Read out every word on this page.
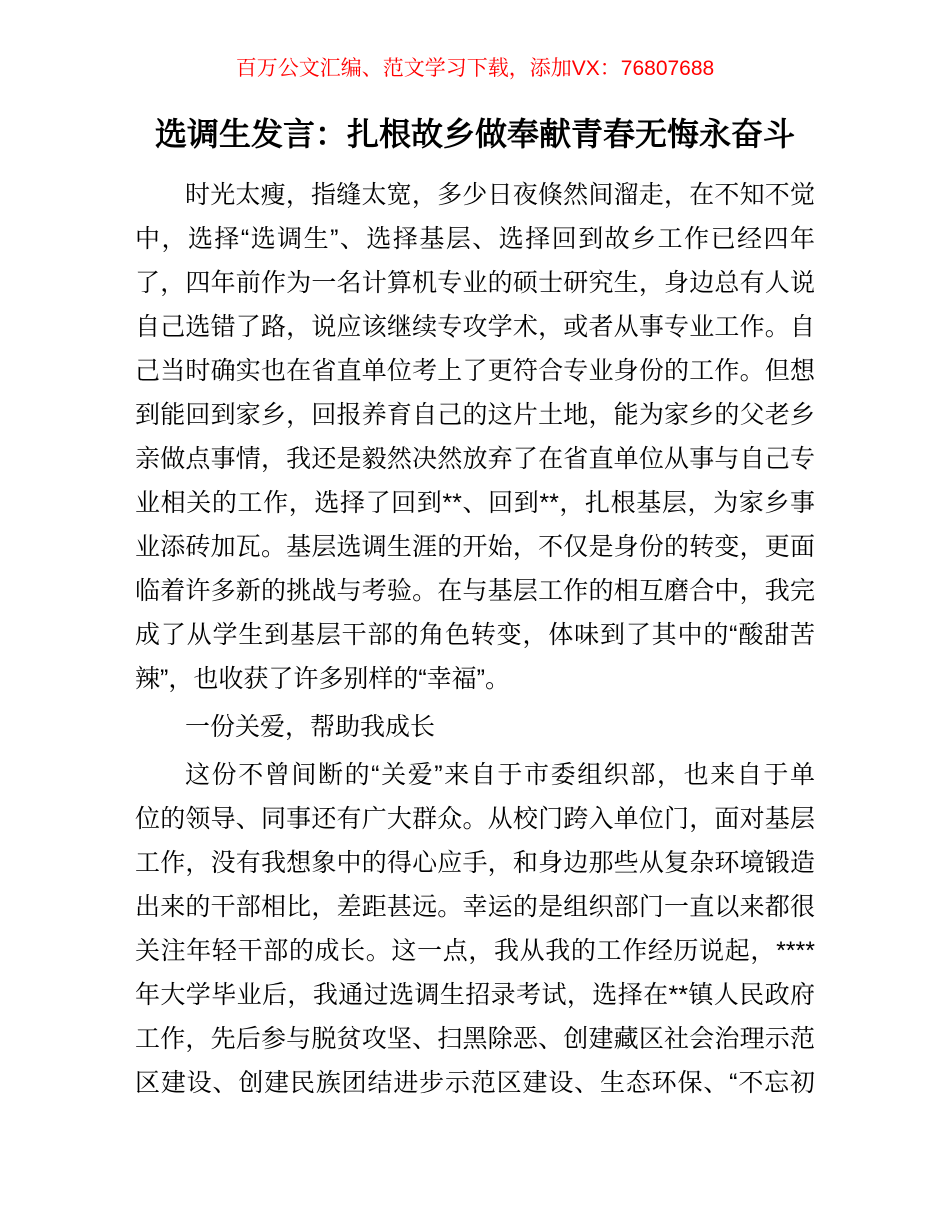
百万公文汇编、范文学习下载，添加VX：76807688
选调生发言：扎根故乡做奉献青春无悔永奋斗
时光太瘦，指缝太宽，多少日夜倏然间溜走，在不知不觉
中，选择“选调生”、选择基层、选择回到故乡工作已经四年
了，四年前作为一名计算机专业的硕士研究生，身边总有人说
自己选错了路，说应该继续专攻学术，或者从事专业工作。自
己当时确实也在省直单位考上了更符合专业身份的工作。但想
到能回到家乡，回报养育自己的这片土地，能为家乡的父老乡
亲做点事情，我还是毅然决然放弃了在省直单位从事与自己专
业相关的工作，选择了回到**、回到**，扎根基层，为家乡事
业添砖加瓦。基层选调生涯的开始，不仅是身份的转变，更面
临着许多新的挑战与考验。在与基层工作的相互磨合中，我完
成了从学生到基层干部的角色转变，体味到了其中的“酸甜苦
辣”，也收获了许多别样的“幸福”。
一份关爱，帮助我成长
这份不曾间断的“关爱”来自于市委组织部，也来自于单
位的领导、同事还有广大群众。从校门跨入单位门，面对基层
工作，没有我想象中的得心应手，和身边那些从复杂环境锻造
出来的干部相比，差距甚远。幸运的是组织部门一直以来都很
关注年轻干部的成长。这一点，我从我的工作经历说起，****
年大学毕业后，我通过选调生招录考试，选择在**镇人民政府
工作，先后参与脱贫攻坚、扫黑除恶、创建藏区社会治理示范
区建设、创建民族团结进步示范区建设、生态环保、“不忘初
